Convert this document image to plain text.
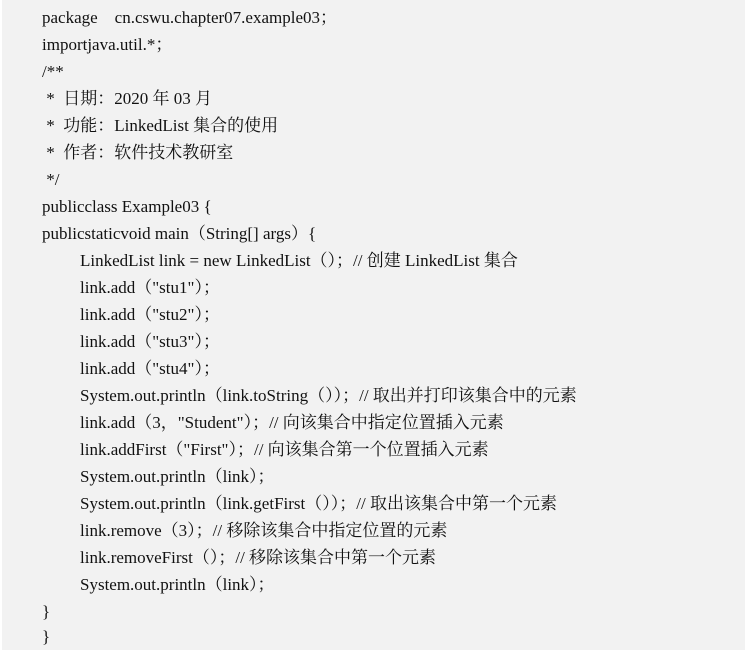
package　cn.cswu.chapter07.example03；
importjava.util.*；
/**
*  日期：2020 年 03 月
*  功能：LinkedList 集合的使用
*  作者：软件技术教研室
*/
publicclass Example03 {
publicstaticvoid main（String[] args）{
LinkedList link = new LinkedList（）；// 创建 LinkedList 集合
link.add（"stu1"）；
link.add（"stu2"）；
link.add（"stu3"）；
link.add（"stu4"）；
System.out.println（link.toString（））；// 取出并打印该集合中的元素
link.add（3，"Student"）；// 向该集合中指定位置插入元素
link.addFirst（"First"）；// 向该集合第一个位置插入元素
System.out.println（link）；
System.out.println（link.getFirst（））；// 取出该集合中第一个元素
link.remove（3）；// 移除该集合中指定位置的元素
link.removeFirst（）；// 移除该集合中第一个元素
System.out.println（link）；
}
}
